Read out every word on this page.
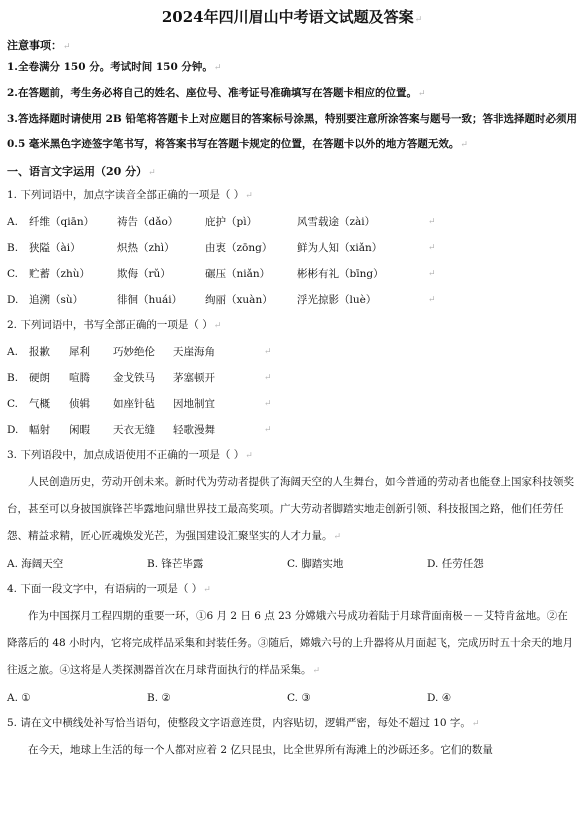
2024年四川眉山中考语文试题及答案↵
注意事项：↵
1.全卷满分 150 分。考试时间 150 分钟。↵
2.在答题前，考生务必将自己的姓名、座位号、准考证号准确填写在答题卡相应的位置。↵
3.答选择题时请使用 2B 铅笔将答题卡上对应题目的答案标号涂黑，特别要注意所涂答案与题号一致；答非选择题时必须用 0.5 毫米黑色字迹签字笔书写，将答案书写在答题卡规定的位置，在答题卡以外的地方答题无效。↵
一、语言文字运用（20 分）↵
1. 下列词语中，加点字读音全部正确的一项是（ ）↵
A.	纤维（qiān）	祷告（dǎo）	庇护（pì）	风雪载途（zài）	↵
B.	狭隘（ài）	炽热（zhì）	由衷（zōng）	鲜为人知（xiǎn）	↵
C.	贮蓄（zhù）	欺侮（rǔ）	碾压（niǎn）	彬彬有礼（bīng）	↵
D.	追溯（sù）	徘徊（huái）	绚丽（xuàn）	浮光掠影（luè）	↵
2. 下列词语中，书写全部正确的一项是（ ）↵
A.	报歉	犀利	巧妙绝伦	天崖海角	↵
B.	硬朗	喧腾	金戈铁马	茅塞顿开	↵
C.	气概	侦辑	如座针毡	因地制宜	↵
D.	幅射	闲暇	天衣无缝	轻歌漫舞	↵
3. 下列语段中，加点成语使用不正确的一项是（ ）↵
人民创造历史，劳动开创未来。新时代为劳动者提供了海阔天空的人生舞台，如今普通的劳动者也能登上国家科技领奖台，甚至可以身披国旗锋芒毕露地问鼎世界技工最高奖项。广大劳动者脚踏实地走创新引领、科技报国之路，他们任劳任怨、精益求精，匠心匠魂焕发光芒，为强国建设汇聚坚实的人才力量。↵
A. 海阔天空	B. 锋芒毕露	C. 脚踏实地	D. 任劳任怨
4. 下面一段文字中，有语病的一项是（ ）↵
作为中国探月工程四期的重要一环，①6 月 2 日 6 点 23 分嫦娥六号成功着陆于月球背面南极－－艾特肯盆地。②在降落后的 48 小时内，它将完成样品采集和封装任务。③随后，嫦娥六号的上升器将从月面起飞，完成历时五十余天的地月往返之旅。④这将是人类探测器首次在月球背面执行的样品采集。↵
A. ①	B. ②	C. ③	D. ④
5. 请在文中横线处补写恰当语句，使整段文字语意连贯，内容贴切，逻辑严密，每处不超过 10 字。↵
在今天，地球上生活的每一个人都对应着 2 亿只昆虫，比全世界所有海滩上的沙砾还多。它们的数量
